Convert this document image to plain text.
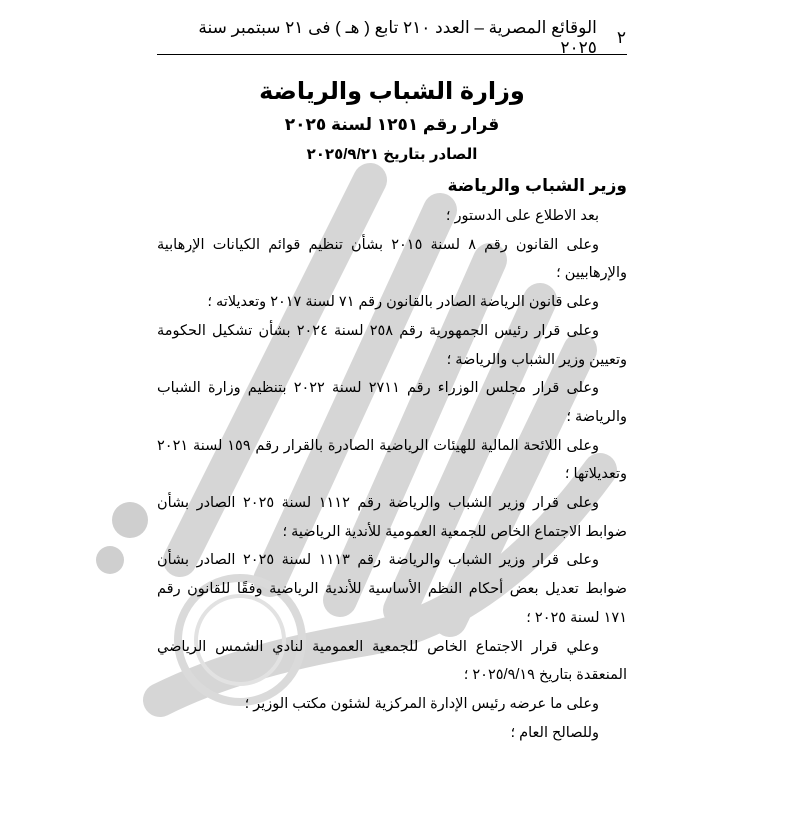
٢
الوقائع المصرية – العدد ٢١٠ تابع ( هـ ) فى ٢١ سبتمبر سنة ٢٠٢٥
وزارة الشباب والرياضة
قرار رقم ١٢٥١ لسنة ٢٠٢٥
الصادر بتاريخ ٢٠٢٥/٩/٢١
وزير الشباب والرياضة

بعد الاطلاع على الدستور ؛

وعلى القانون رقم ٨ لسنة ٢٠١٥ بشأن تنظيم قوائم الكيانات الإرهابية والإرهابيين ؛

وعلى قانون الرياضة الصادر بالقانون رقم ٧١ لسنة ٢٠١٧ وتعديلاته ؛

وعلى قرار رئيس الجمهورية رقم ٢٥٨ لسنة ٢٠٢٤ بشأن تشكيل الحكومة وتعيين وزير الشباب والرياضة ؛

وعلى قرار مجلس الوزراء رقم ٢٧١١ لسنة ٢٠٢٢ بتنظيم وزارة الشباب والرياضة ؛

وعلى اللائحة المالية للهيئات الرياضية الصادرة بالقرار رقم ١٥٩ لسنة ٢٠٢١ وتعديلاتها ؛

وعلى قرار وزير الشباب والرياضة رقم ١١١٢ لسنة ٢٠٢٥ الصادر بشأن ضوابط الاجتماع الخاص للجمعية العمومية للأندية الرياضية ؛

وعلى قرار وزير الشباب والرياضة رقم ١١١٣ لسنة ٢٠٢٥ الصادر بشأن ضوابط تعديل بعض أحكام النظم الأساسية للأندية الرياضية وفقًا للقانون رقم ١٧١ لسنة ٢٠٢٥ ؛

وعلي قرار الاجتماع الخاص للجمعية العمومية لنادي الشمس الرياضي المنعقدة بتاريخ ٢٠٢٥/٩/١٩ ؛

وعلى ما عرضه رئيس الإدارة المركزية لشئون مكتب الوزير ؛

وللصالح العام ؛
